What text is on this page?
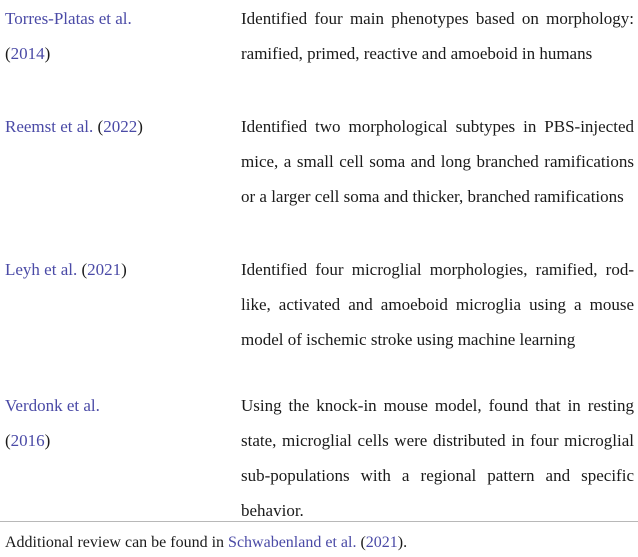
Torres-Platas et al.
(2014)
Identified four main phenotypes based on morphology: ramified, primed, reactive and amoeboid in humans
Reemst et al. (2022)	Identified two morphological subtypes in PBS-injected mice, a small cell soma and long branched ramifications or a larger cell soma and thicker, branched ramifications
Leyh et al. (2021)	Identified four microglial morphologies, ramified, rod-like, activated and amoeboid microglia using a mouse model of ischemic stroke using machine learning
Verdonk et al.
(2016)
Using the knock-in mouse model, found that in resting state, microglial cells were distributed in four microglial sub-populations with a regional pattern and specific behavior.
Additional review can be found in Schwabenland et al. (2021).
